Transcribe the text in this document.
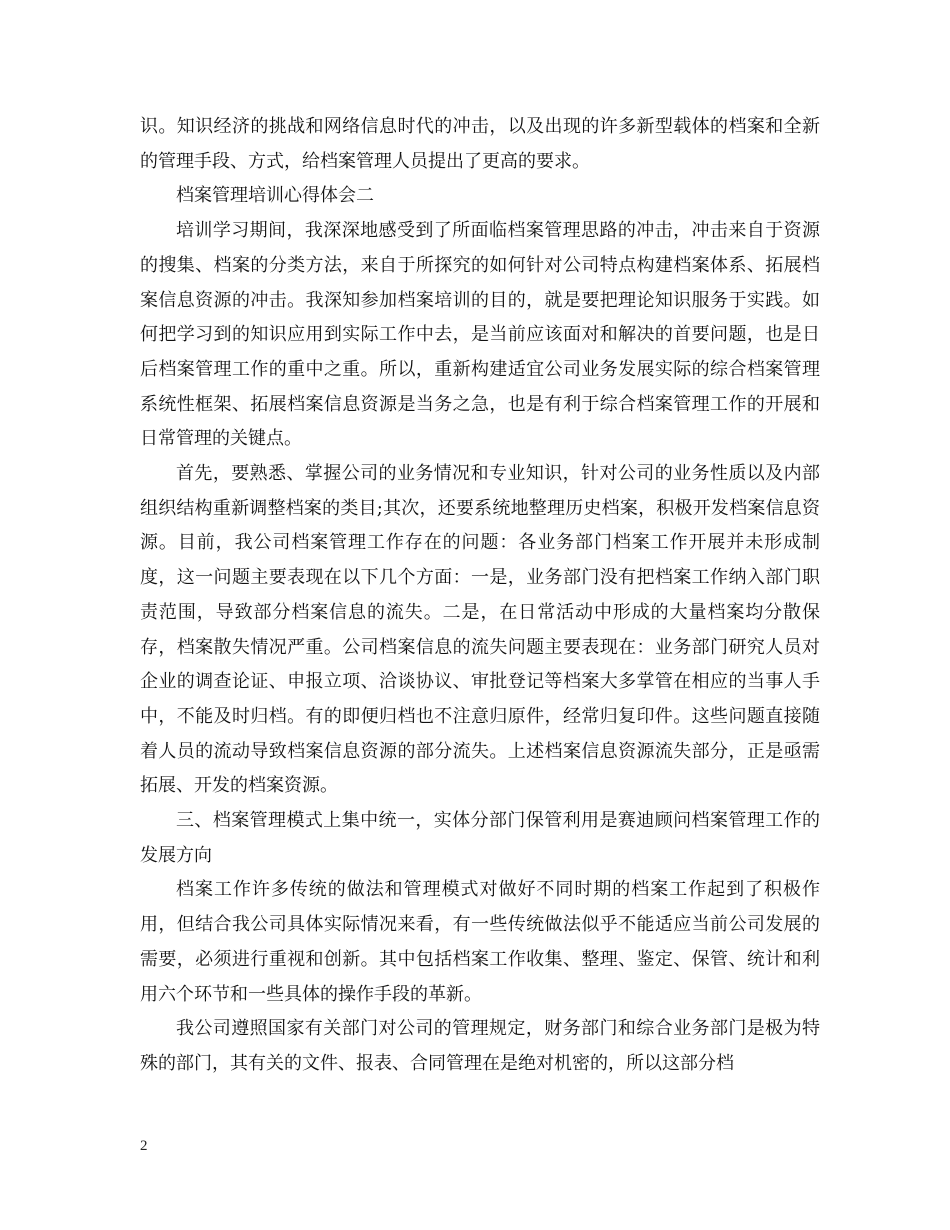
识。知识经济的挑战和网络信息时代的冲击，以及出现的许多新型载体的档案和全新的管理手段、方式，给档案管理人员提出了更高的要求。

档案管理培训心得体会二

培训学习期间，我深深地感受到了所面临档案管理思路的冲击，冲击来自于资源的搜集、档案的分类方法，来自于所探究的如何针对公司特点构建档案体系、拓展档案信息资源的冲击。我深知参加档案培训的目的，就是要把理论知识服务于实践。如何把学习到的知识应用到实际工作中去，是当前应该面对和解决的首要问题，也是日后档案管理工作的重中之重。所以，重新构建适宜公司业务发展实际的综合档案管理系统性框架、拓展档案信息资源是当务之急，也是有利于综合档案管理工作的开展和日常管理的关键点。

首先，要熟悉、掌握公司的业务情况和专业知识，针对公司的业务性质以及内部组织结构重新调整档案的类目;其次，还要系统地整理历史档案，积极开发档案信息资源。目前，我公司档案管理工作存在的问题：各业务部门档案工作开展并未形成制度，这一问题主要表现在以下几个方面：一是，业务部门没有把档案工作纳入部门职责范围，导致部分档案信息的流失。二是，在日常活动中形成的大量档案均分散保存，档案散失情况严重。公司档案信息的流失问题主要表现在：业务部门研究人员对企业的调查论证、申报立项、洽谈协议、审批登记等档案大多掌管在相应的当事人手中，不能及时归档。有的即便归档也不注意归原件，经常归复印件。这些问题直接随着人员的流动导致档案信息资源的部分流失。上述档案信息资源流失部分，正是亟需拓展、开发的档案资源。

三、档案管理模式上集中统一，实体分部门保管利用是赛迪顾问档案管理工作的发展方向

档案工作许多传统的做法和管理模式对做好不同时期的档案工作起到了积极作用，但结合我公司具体实际情况来看，有一些传统做法似乎不能适应当前公司发展的需要，必须进行重视和创新。其中包括档案工作收集、整理、鉴定、保管、统计和利用六个环节和一些具体的操作手段的革新。

我公司遵照国家有关部门对公司的管理规定，财务部门和综合业务部门是极为特殊的部门，其有关的文件、报表、合同管理在是绝对机密的，所以这部分档

2
